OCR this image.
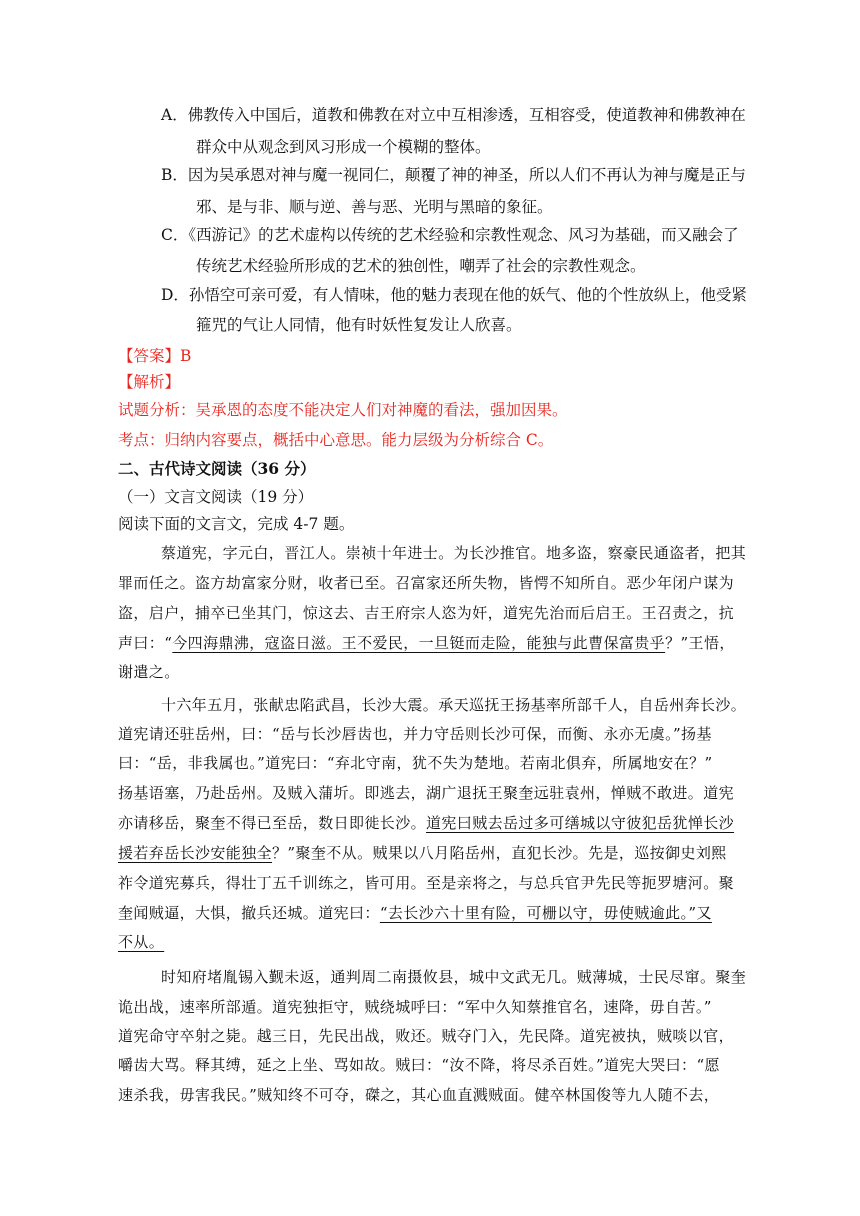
A．佛教传入中国后，道教和佛教在对立中互相渗透，互相容受，使道教神和佛教神在
群众中从观念到风习形成一个模糊的整体。
B．因为吴承恩对神与魔一视同仁，颠覆了神的神圣，所以人们不再认为神与魔是正与
邪、是与非、顺与逆、善与恶、光明与黑暗的象征。
C．《西游记》的艺术虚构以传统的艺术经验和宗教性观念、风习为基础，而又融会了
传统艺术经验所形成的艺术的独创性，嘲弄了社会的宗教性观念。
D．孙悟空可亲可爱，有人情味，他的魅力表现在他的妖气、他的个性放纵上，他受紧
箍咒的气让人同情，他有时妖性复发让人欣喜。
【答案】B
【解析】
试题分析：吴承恩的态度不能决定人们对神魔的看法，强加因果。
考点：归纳内容要点，概括中心意思。能力层级为分析综合 C。
二、古代诗文阅读（36 分）
（一）文言文阅读（19 分）
阅读下面的文言文，完成 4-7 题。
蔡道宪，字元白，晋江人。崇祯十年进士。为长沙推官。地多盗，察豪民通盗者，把其
罪而任之。盗方劫富家分财，收者已至。召富家还所失物，皆愕不知所自。恶少年闭户谋为
盗，启户，捕卒已坐其门，惊这去、吉王府宗人恣为奸，道宪先治而后启王。王召责之，抗
声曰：“今四海鼎沸，寇盗日滋。王不爱民，一旦铤而走险，能独与此曹保富贵乎？”王悟，
谢遣之。
十六年五月，张献忠陷武昌，长沙大震。承天巡抚王扬基率所部千人，自岳州奔长沙。
道宪请还驻岳州，曰：“岳与长沙唇齿也，并力守岳则长沙可保，而衡、永亦无虞。”扬基
曰：“岳，非我属也。”道宪曰：“弃北守南，犹不失为楚地。若南北俱弃，所属地安在？”
扬基语塞，乃赴岳州。及贼入蒲圻。即逃去，湖广退抚王聚奎远驻袁州，惮贼不敢进。道宪
亦请移岳，聚奎不得已至岳，数日即徙长沙。道宪曰贼去岳过多可缮城以守彼犯岳犹惮长沙
援若弃岳长沙安能独全？”聚奎不从。贼果以八月陷岳州，直犯长沙。先是，巡按御史刘熙
祚令道宪募兵，得壮丁五千训练之，皆可用。至是亲将之，与总兵官尹先民等扼罗塘河。聚
奎闻贼逼，大惧，撤兵还城。道宪曰：“去长沙六十里有险，可栅以守，毋使贼逾此。”又
不从。
时知府堵胤锡入觐未返，通判周二南摄攸县，城中文武无几。贼薄城，士民尽窜。聚奎
诡出战，速率所部遁。道宪独拒守，贼绕城呼曰：“军中久知蔡推官名，速降，毋自苦。”
道宪命守卒射之毙。越三日，先民出战，败还。贼夺门入，先民降。道宪被执，贼啖以官，
嚼齿大骂。释其缚，延之上坐、骂如故。贼曰：“汝不降，将尽杀百姓。”道宪大哭曰：“愿
速杀我，毋害我民。”贼知终不可夺，磔之，其心血直溅贼面。健卒林国俊等九人随不去，
